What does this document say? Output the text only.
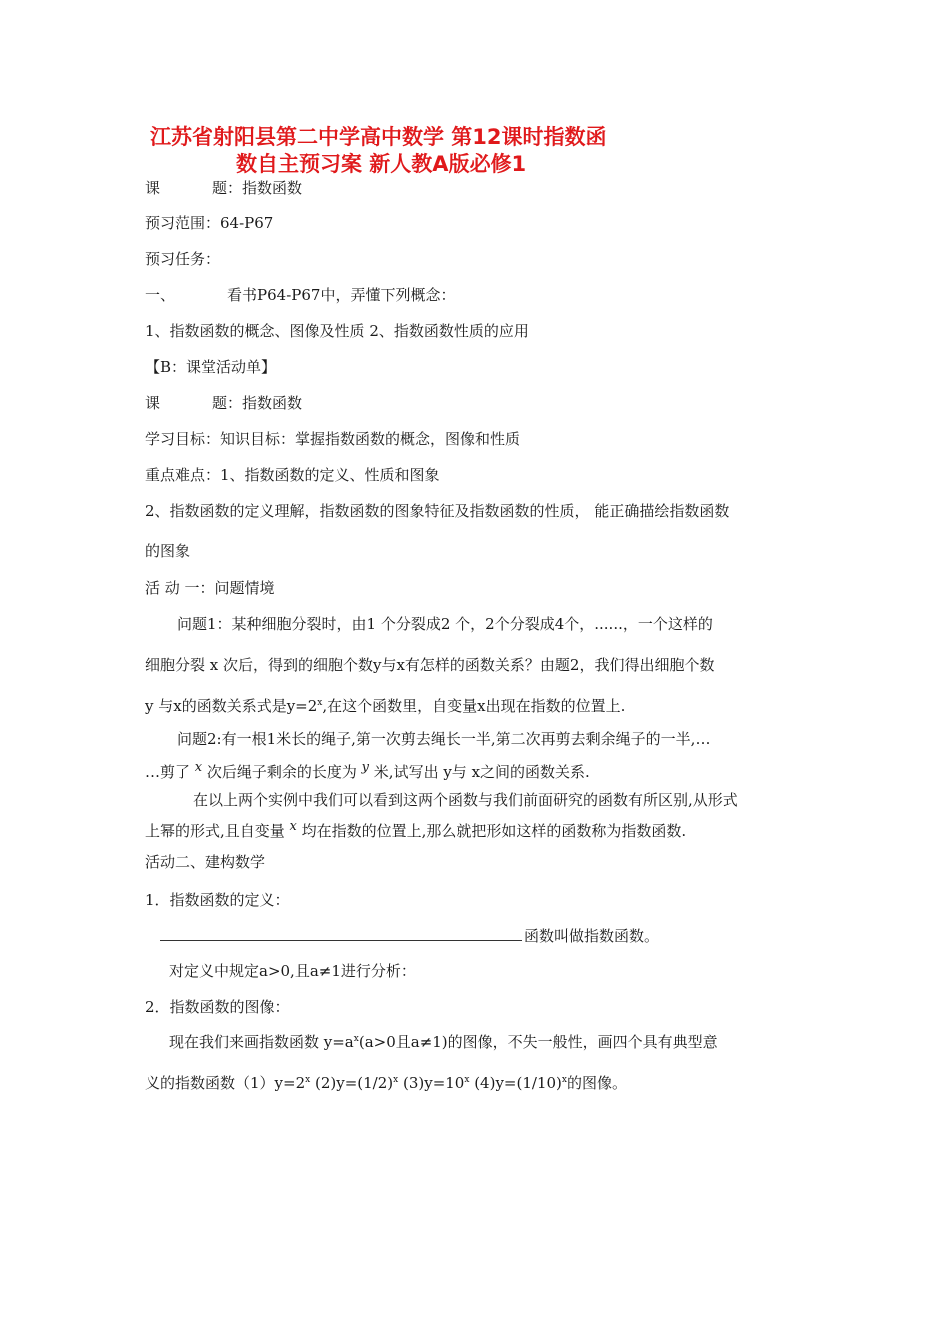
江苏省射阳县第二中学高中数学 第12课时指数函
数自主预习案 新人教A版必修1
课	题：指数函数
预习范围：64-P67
预习任务：
一、	看书P64-P67中，弄懂下列概念：
1、指数函数的概念、图像及性质 2、指数函数性质的应用
【B：课堂活动单】
课	题：指数函数
学习目标：知识目标：掌握指数函数的概念，图像和性质
重点难点：1、指数函数的定义、性质和图象
2、指数函数的定义理解，指数函数的图象特征及指数函数的性质， 能正确描绘指数函数
的图象
活 动 一：问题情境
问题1：某种细胞分裂时，由1 个分裂成2 个，2个分裂成4个，......，一个这样的
细胞分裂 x 次后，得到的细胞个数y与x有怎样的函数关系？由题2，我们得出细胞个数
y 与x的函数关系式是$y=2^x$,在这个函数里，自变量x出现在指数的位置上.
问题2:有一根1米长的绳子,第一次剪去绳长一半,第二次再剪去剩余绳子的一半,…
…剪了 x 次后绳子剩余的长度为 y 米,试写出 y与 x之间的函数关系.
在以上两个实例中我们可以看到这两个函数与我们前面研究的函数有所区别,从形式
上幂的形式,且自变量 x 均在指数的位置上,那么就把形如这样的函数称为指数函数.
活动二、建构数学
1．指数函数的定义：
函数叫做指数函数。
对定义中规定a>0,且a≠1进行分析：
2．指数函数的图像：
现在我们来画指数函数 $y=a^x(a>0$且a≠1)的图像，不失一般性，画四个具有典型意
义的指数函数$(1)y=2^x$ $(2)y=(1/2)^x$ $(3)y=10^x$ $(4)y=(1/10)^x$的图像。
